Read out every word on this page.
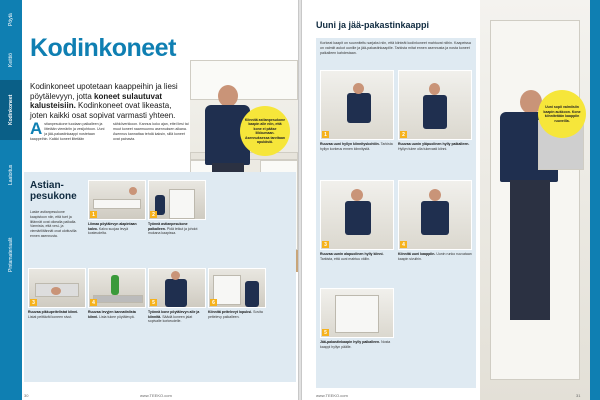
Pöytä
Keittiö
Kodinkoneet
Laatoitus
Pintamateriaalit
Kodinkoneet
Kodinkoneet upotetaan kaappeihin ja liesi pöytälevyyn, jotta koneet sulautuvat kalusteisiin. Kodinkoneet ovat likeasta, joten kaikki osat sopivat varmasti yhteen.
Astianpesukone tuodaan paikalleen ja liitetään viemäriin ja vesijohtoon. Uuni ja jää-pakastinkaappi nostetaan kaappeihin. Kaikki koneet liitetään sähköverkkoon. Kannus koko ajan, ettei liesi tai muut koneet naarmuunnu asennuksen aikana. Asennus kannattaa tehdä kaksin, sillä koneet ovat painavia.
Kiinnitä astianpesukone kaapin alle niin, että kone ei pääse liikkumaan. Asennuksessa tarvitaan apukäsiä.
Astian-
pesukone
Laske astianpesukone kaapistoon niin, että tuet ja liitännät ovat oikealla paikalla. Varmista, että vesi- ja viemäriliitännät ovat ulottuvilla ennen asennusta.
1
Liimaa pöytälevyn alapintaan kalvo. Kalvo suojaa levyä kosteudelta.
2
Työnnä astianpesukone paikalleen. Pidä letkut ja johdot mukana kaapissa.
3
Ruuvaa pikkupeitelistat kiinni. Listat peittävät koneen sivut.
4
Ruuvaa levyjen kannatinlista kiinni. Lista tukee pöytälevyä.
5
Työnnä kone pöytälevyn alle ja kiinnitä. Säädä koneen jalat sopivalle korkeudelle.
6
Kiinnitä peitelevyt lopuksi. Sovita peitelevy paikalleen.
30	www.TEEKO.com
Uuni ja jää-pakastinkaappi
Korkeat kaapit on suunniteltu sarjaksi niin, että kiinteät kodinkoneet mahtuvat niihin. Kaapeissa on valmiit aukot uunille ja jää-pakastinkaapille. Tarkista mitat ennen asennusta ja nosta koneet paikalleen kahdestaan.
1
Ruuvaa uuni hyllyn kiinnityskohtiin. Tarkista hyllyn korkeus ennen kiinnitystä.
2
Ruuvaa uunin yläpuolinen hylly paikalleen. Hyllyn tulee olla tukevasti kiinni.
3
Ruuvaa uunin alapuolinen hylly kiinni. Tarkista, että uuni mahtuu väliin.
4
Kiinnitä uuni kaappiin. Uunin runko ruuvataan kaapin sivuihin.
5
Jää-pakastinkaapin hylly paikalleen. Nosta kaappi hyllyn päälle.
Uuni sopii valmiisiin kaapin aukkoon. Kone kiinnitetään kaappiin ruuveilla.
www.TEEKO.com	31
